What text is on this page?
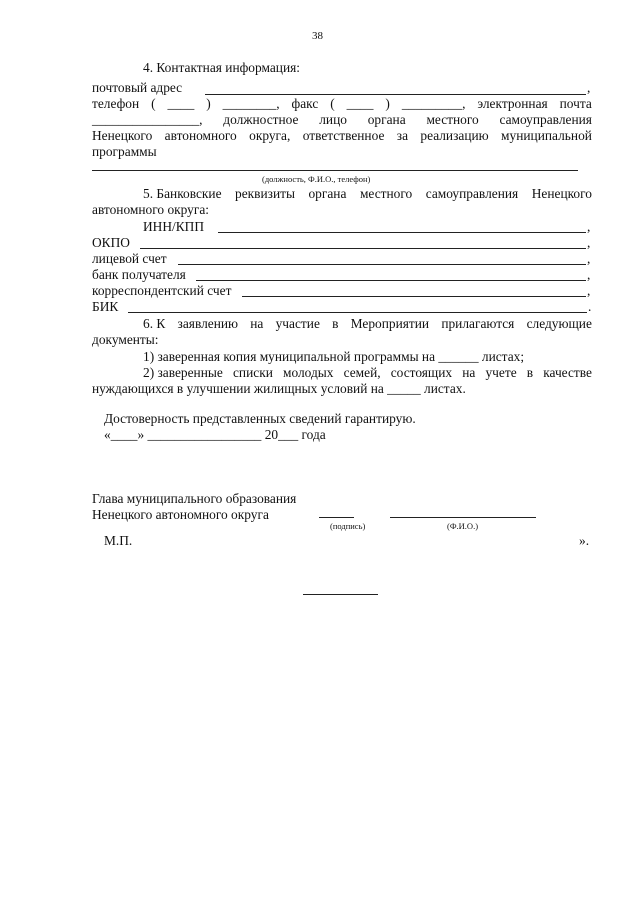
38
4. Контактная информация:
почтовый адрес	,
телефон ( ____ ) ________, факс ( ____ ) _________, электронная почта
________________, должностное лицо органа местного самоуправления
Ненецкого автономного округа, ответственное за реализацию муниципальной
программы
(должность, Ф.И.О., телефон)
5. Банковские реквизиты органа местного самоуправления Ненецкого
автономного округа:
ИНН/КПП	,
ОКПО	,
лицевой счет	,
банк получателя	,
корреспондентский счет	,
БИК	.
6. К заявлению на участие в Мероприятии прилагаются следующие
документы:
1) заверенная копия муниципальной программы на ______ листах;
2) заверенные списки молодых семей, состоящих на учете в качестве
нуждающихся в улучшении жилищных условий на _____ листах.
Достоверность представленных сведений гарантирую.
«____» _________________ 20___ года
Глава муниципального образования
Ненецкого автономного округа
(подпись)	(Ф.И.О.)
М.П.	».
